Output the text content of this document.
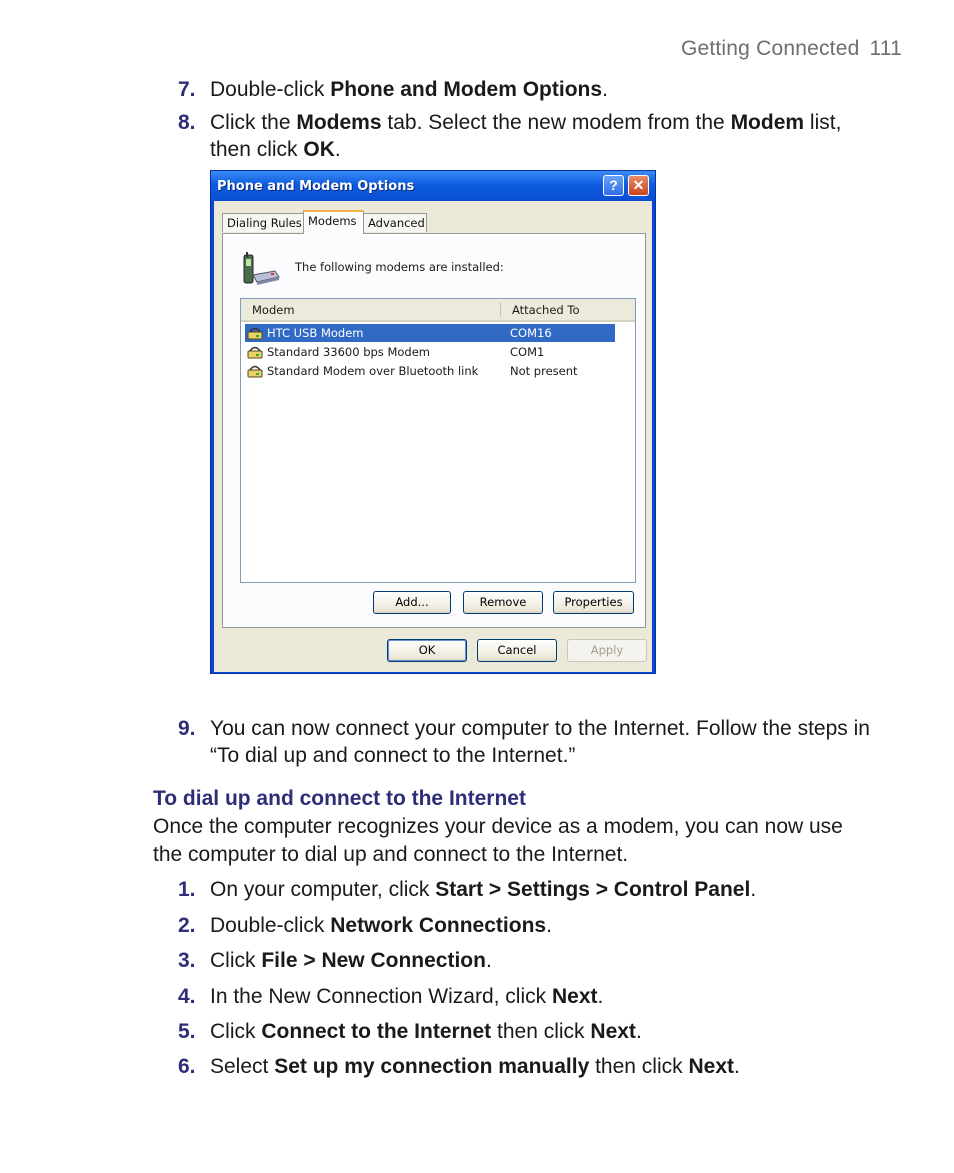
Getting Connected 111
7. Double-click Phone and Modem Options.
8. Click the Modems tab. Select the new modem from the Modem list, then click OK.
Phone and Modem Options	?	✕
Dialing Rules Modems Advanced
The following modems are installed:
Modem	Attached To
HTC USB Modem	COM16
Standard 33600 bps Modem	COM1
Standard Modem over Bluetooth link	Not present
Add...	Remove	Properties
OK	Cancel	Apply
9. You can now connect your computer to the Internet. Follow the steps in “To dial up and connect to the Internet.”
To dial up and connect to the Internet
Once the computer recognizes your device as a modem, you can now use the computer to dial up and connect to the Internet.
1. On your computer, click Start > Settings > Control Panel.
2. Double-click Network Connections.
3. Click File > New Connection.
4. In the New Connection Wizard, click Next.
5. Click Connect to the Internet then click Next.
6. Select Set up my connection manually then click Next.
